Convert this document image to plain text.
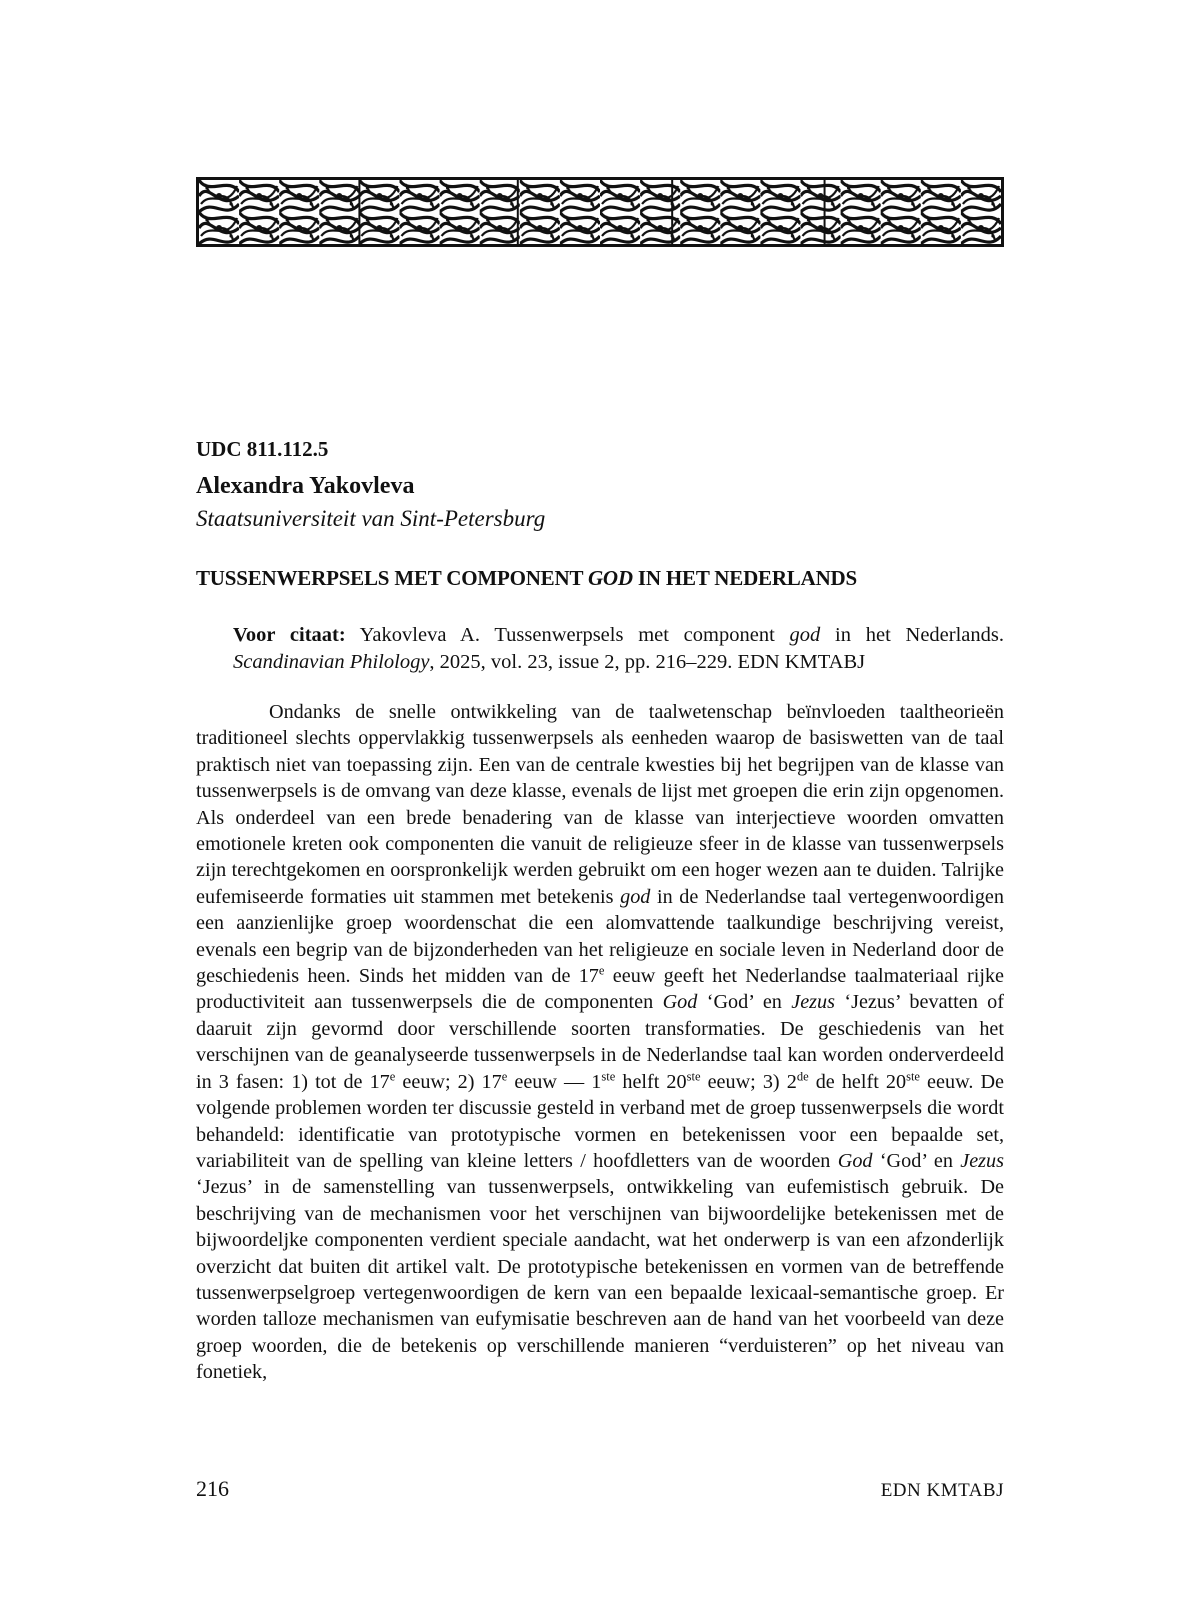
UDC 811.112.5

Alexandra Yakovleva

Staatsuniversiteit van Sint-Petersburg

TUSSENWERPSELS MET COMPONENT GOD IN HET NEDERLANDS
Voor citaat: Yakovleva A. Tussenwerpsels met component god in het Nederlands. Scandinavian Philology, 2025, vol. 23, issue 2, pp. 216–229. EDN KMTABJ

Ondanks de snelle ontwikkeling van de taalwetenschap beïnvloeden taaltheorieën traditioneel slechts oppervlakkig tussenwerpsels als eenheden waarop de basiswetten van de taal praktisch niet van toepassing zijn. Een van de centrale kwesties bij het begrijpen van de klasse van tussenwerpsels is de omvang van deze klasse, evenals de lijst met groepen die erin zijn opgenomen. Als onderdeel van een brede benadering van de klasse van interjectieve woorden omvatten emotionele kreten ook componenten die vanuit de religieuze sfeer in de klasse van tussenwerpsels zijn terechtgekomen en oorspronkelijk werden gebruikt om een hoger wezen aan te duiden. Talrijke eufemiseerde formaties uit stammen met betekenis god in de Nederlandse taal vertegenwoordigen een aanzienlijke groep woordenschat die een alomvattende taalkundige beschrijving vereist, evenals een begrip van de bijzonderheden van het religieuze en sociale leven in Nederland door de geschiedenis heen. Sinds het midden van de 17e eeuw geeft het Nederlandse taalmateriaal rijke productiviteit aan tussenwerpsels die de componenten God ‘God’ en Jezus ‘Jezus’ bevatten of daaruit zijn gevormd door verschillende soorten transformaties. De geschiedenis van het verschijnen van de geanalyseerde tussenwerpsels in de Nederlandse taal kan worden onderverdeeld in 3 fasen: 1) tot de 17e eeuw; 2) 17e eeuw — 1ste helft 20ste eeuw; 3) 2de de helft 20ste eeuw. De volgende problemen worden ter discussie gesteld in verband met de groep tussenwerpsels die wordt behandeld: identificatie van prototypische vormen en betekenissen voor een bepaalde set, variabiliteit van de spelling van kleine letters / hoofdletters van de woorden God ‘God’ en Jezus ‘Jezus’ in de samenstelling van tussenwerpsels, ontwikkeling van eufemistisch gebruik. De beschrijving van de mechanismen voor het verschijnen van bijwoordelijke betekenissen met de bijwoordeljke componenten verdient speciale aandacht, wat het onderwerp is van een afzonderlijk overzicht dat buiten dit artikel valt. De prototypische betekenissen en vormen van de betreffende tussenwerpselgroep vertegenwoordigen de kern van een bepaalde lexicaal-semantische groep. Er worden talloze mechanismen van eufymisatie beschreven aan de hand van het voorbeeld van deze groep woorden, die de betekenis op verschillende manieren “verduisteren” op het niveau van fonetiek,

216	EDN KMTABJ
